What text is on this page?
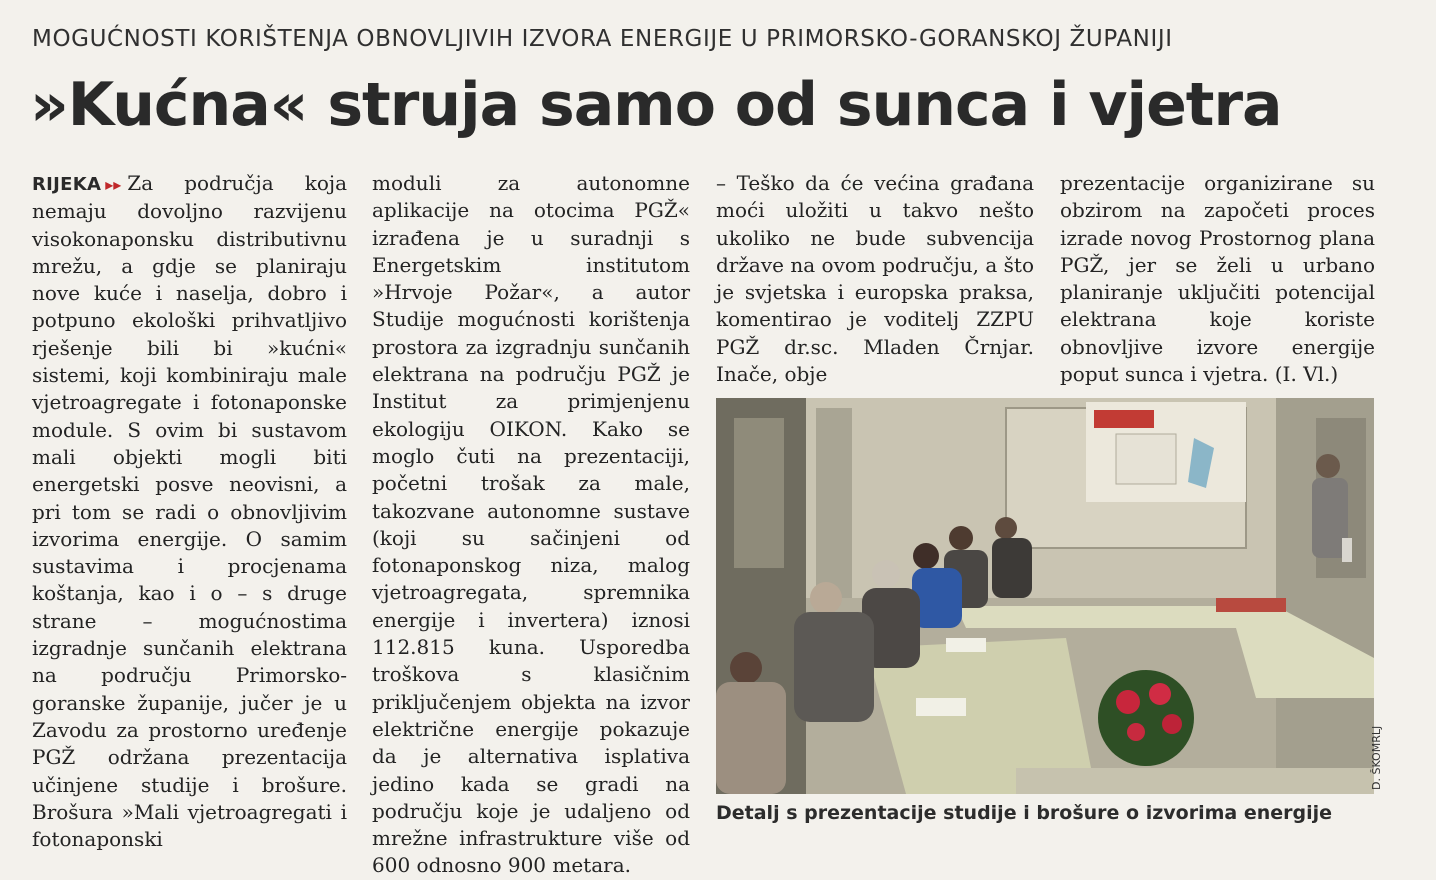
MOGUĆNOSTI KORIŠTENJA OBNOVLJIVIH IZVORA ENERGIJE U PRIMORSKO-GORANSKOJ ŽUPANIJI
»Kućna« struja samo od sunca i vjetra

RIJEKA ▸▸ Za područja koja nemaju dovoljno razvijenu visokonaponsku distributivnu mrežu, a gdje se planiraju nove kuće i naselja, dobro i potpuno ekološki prihvatljivo rješenje bili bi »kućni« sistemi, koji kombiniraju male vjetroagregate i fotonaponske module. S ovim bi sustavom mali objekti mogli biti energetski posve neovisni, a pri tom se radi o obnovljivim izvorima energije. O samim sustavima i procjenama koštanja, kao i o – s druge strane – mogućnostima izgradnje sunčanih elektrana na području Primorsko-goranske županije, jučer je u Zavodu za prostorno uređenje PGŽ održana prezentacija učinjene studije i brošure. Brošura »Mali vjetroagregati i fotonaponski

moduli za autonomne aplikacije na otocima PGŽ« izrađena je u suradnji s Energetskim institutom »Hrvoje Požar«, a autor Studije mogućnosti korištenja prostora za izgradnju sunčanih elektrana na području PGŽ je Institut za primjenjenu ekologiju OIKON. Kako se moglo čuti na prezentaciji, početni trošak za male, takozvane autonomne sustave (koji su sačinjeni od fotonaponskog niza, malog vjetroagregata, spremnika energije i invertera) iznosi 112.815 kuna. Usporedba troškova s klasičnim priključenjem objekta na izvor električne energije pokazuje da je alternativa isplativa jedino kada se gradi na području koje je udaljeno od mrežne infrastrukture više od 600 odnosno 900 metara.

– Teško da će većina građana moći uložiti u takvo nešto ukoliko ne bude subvencija države na ovom području, a što je svjetska i europska praksa, komentirao je voditelj ZZPU PGŽ dr.sc. Mladen Črnjar. Inače, obje

prezentacije organizirane su obzirom na započeti proces izrade novog Prostornog plana PGŽ, jer se želi u urbano planiranje uključiti potencijal elektrana koje koriste obnovljive izvore energije poput sunca i vjetra. (I. Vl.)

D. ŠKOMRLJ
Detalj s prezentacije studije i brošure o izvorima energije
